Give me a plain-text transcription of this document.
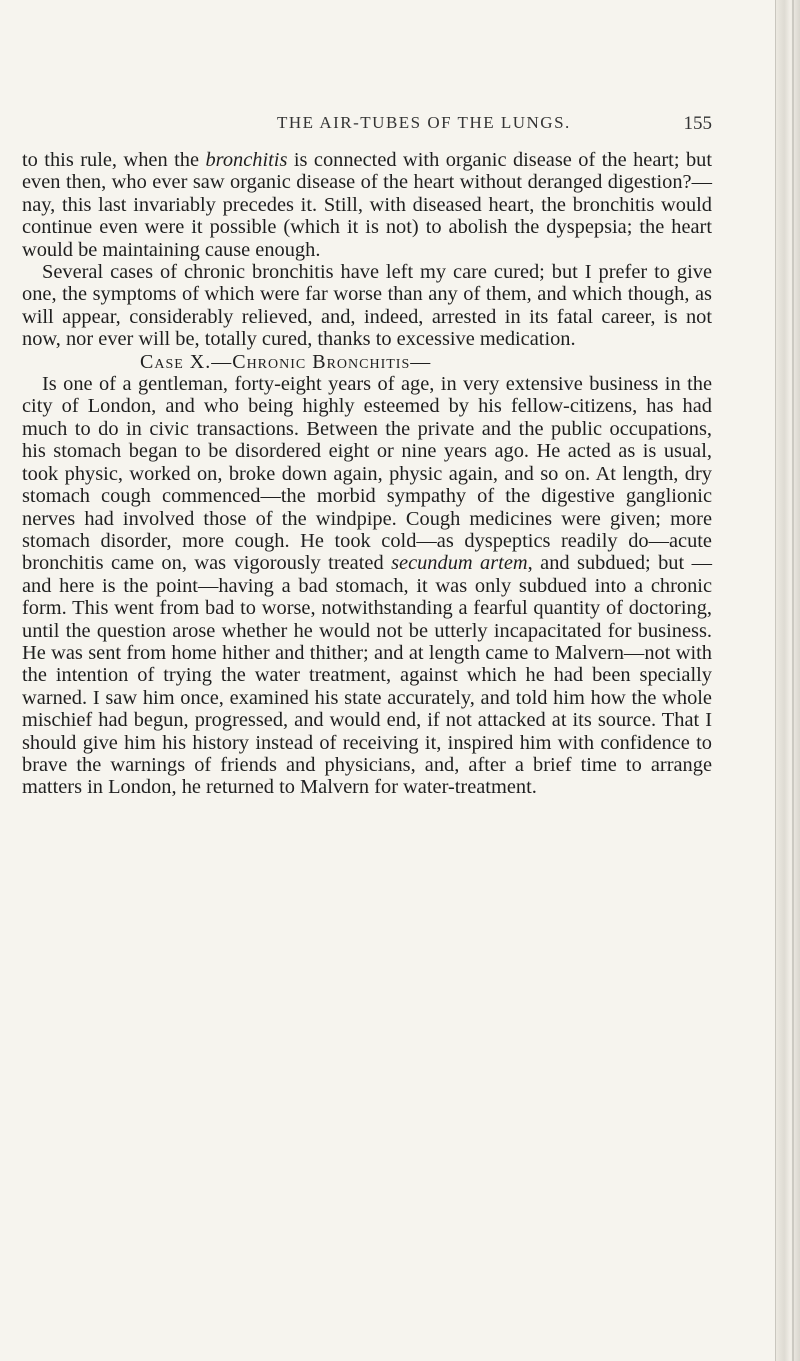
THE AIR-TUBES OF THE LUNGS.	155

to this rule, when the bronchitis is connected with organic disease of the heart; but even then, who ever saw organic disease of the heart without deranged digestion?—nay, this last invariably precedes it. Still, with diseased heart, the bronchitis would continue even were it possible (which it is not) to abolish the dyspepsia; the heart would be maintaining cause enough.

Several cases of chronic bronchitis have left my care cured; but I prefer to give one, the symptoms of which were far worse than any of them, and which though, as will appear, considerably relieved, and, indeed, arrested in its fatal career, is not now, nor ever will be, totally cured, thanks to excessive medication.

Case X.—Chronic Bronchitis—

Is one of a gentleman, forty-eight years of age, in very extensive business in the city of London, and who being highly esteemed by his fellow-citizens, has had much to do in civic transactions. Between the private and the public occupations, his stomach began to be disordered eight or nine years ago. He acted as is usual, took physic, worked on, broke down again, physic again, and so on. At length, dry stomach cough commenced—the morbid sympathy of the digestive ganglionic nerves had involved those of the windpipe. Cough medicines were given; more stomach disorder, more cough. He took cold—as dyspeptics readily do—acute bronchitis came on, was vigorously treated secundum artem, and subdued; but —and here is the point—having a bad stomach, it was only subdued into a chronic form. This went from bad to worse, notwithstanding a fearful quantity of doctoring, until the question arose whether he would not be utterly incapacitated for business. He was sent from home hither and thither; and at length came to Malvern—not with the intention of trying the water treatment, against which he had been specially warned. I saw him once, examined his state accurately, and told him how the whole mischief had begun, progressed, and would end, if not attacked at its source. That I should give him his history instead of receiving it, inspired him with confidence to brave the warnings of friends and physicians, and, after a brief time to arrange matters in London, he returned to Malvern for water-treatment.
